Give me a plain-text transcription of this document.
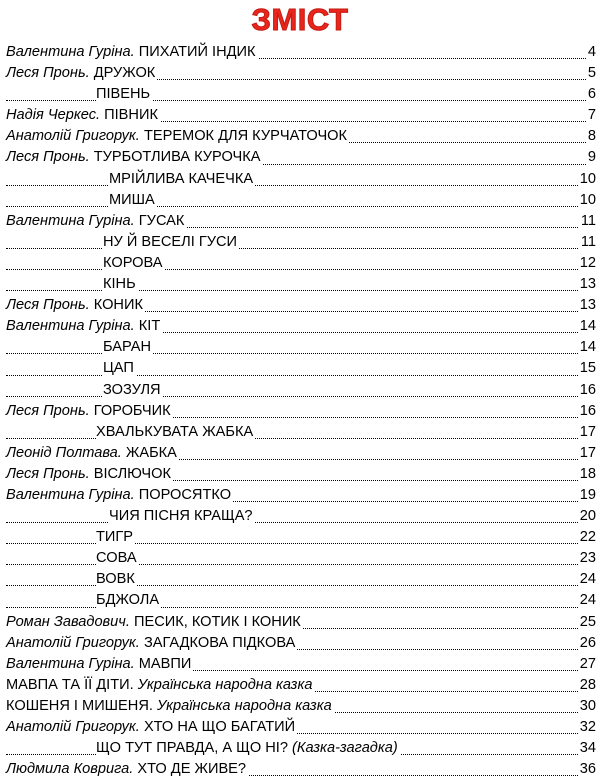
ЗМІСТ
Валентина Гуріна. ПИХАТИЙ ІНДИК	4
Леся Пронь. ДРУЖОК	5
ПІВЕНЬ	6
Надія Черкес. ПІВНИК	7
Анатолій Григорук. ТЕРЕМОК ДЛЯ КУРЧАТОЧОК	8
Леся Пронь. ТУРБОТЛИВА КУРОЧКА	9
МРІЙЛИВА КАЧЕЧКА	10
МИША	10
Валентина Гуріна. ГУСАК	11
НУ Й ВЕСЕЛІ ГУСИ	11
КОРОВА	12
КІНЬ	13
Леся Пронь. КОНИК	13
Валентина Гуріна. КІТ	14
БАРАН	14
ЦАП	15
ЗОЗУЛЯ	16
Леся Пронь. ГОРОБЧИК	16
ХВАЛЬКУВАТА ЖАБКА	17
Леонід Полтава. ЖАБКА	17
Леся Пронь. ВІСЛЮЧОК	18
Валентина Гуріна. ПОРОСЯТКО	19
ЧИЯ ПІСНЯ КРАЩА?	20
ТИГР	22
СОВА	23
ВОВК	24
БДЖОЛА	24
Роман Завадович. ПЕСИК, КОТИК І КОНИК	25
Анатолій Григорук. ЗАГАДКОВА ПІДКОВА	26
Валентина Гуріна. МАВПИ	27
МАВПА ТА ЇЇ ДІТИ. Українська народна казка	28
КОШЕНЯ І МИШЕНЯ. Українська народна казка	30
Анатолій Григорук. ХТО НА ЩО БАГАТИЙ	32
ЩО ТУТ ПРАВДА, А ЩО НІ? (Казка-загадка)	34
Людмила Коврига. ХТО ДЕ ЖИВЕ?	36
